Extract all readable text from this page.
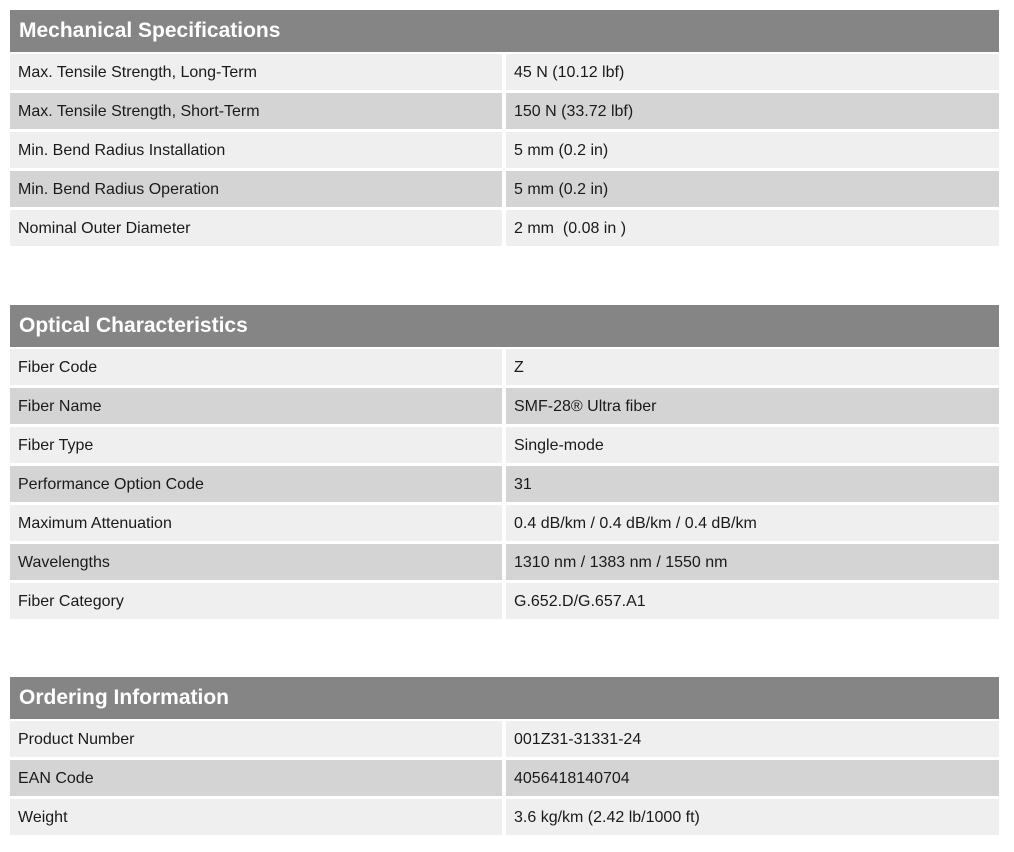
Mechanical Specifications
Max. Tensile Strength, Long-Term	45 N (10.12 lbf)
Max. Tensile Strength, Short-Term	150 N (33.72 lbf)
Min. Bend Radius Installation	5 mm (0.2 in)
Min. Bend Radius Operation	5 mm (0.2 in)
Nominal Outer Diameter	2 mm  (0.08 in )
Optical Characteristics
Fiber Code	Z
Fiber Name	SMF-28® Ultra fiber
Fiber Type	Single-mode
Performance Option Code	31
Maximum Attenuation	0.4 dB/km / 0.4 dB/km / 0.4 dB/km
Wavelengths	1310 nm / 1383 nm / 1550 nm
Fiber Category	G.652.D/G.657.A1
Ordering Information
Product Number	001Z31-31331-24
EAN Code	4056418140704
Weight	3.6 kg/km (2.42 lb/1000 ft)
